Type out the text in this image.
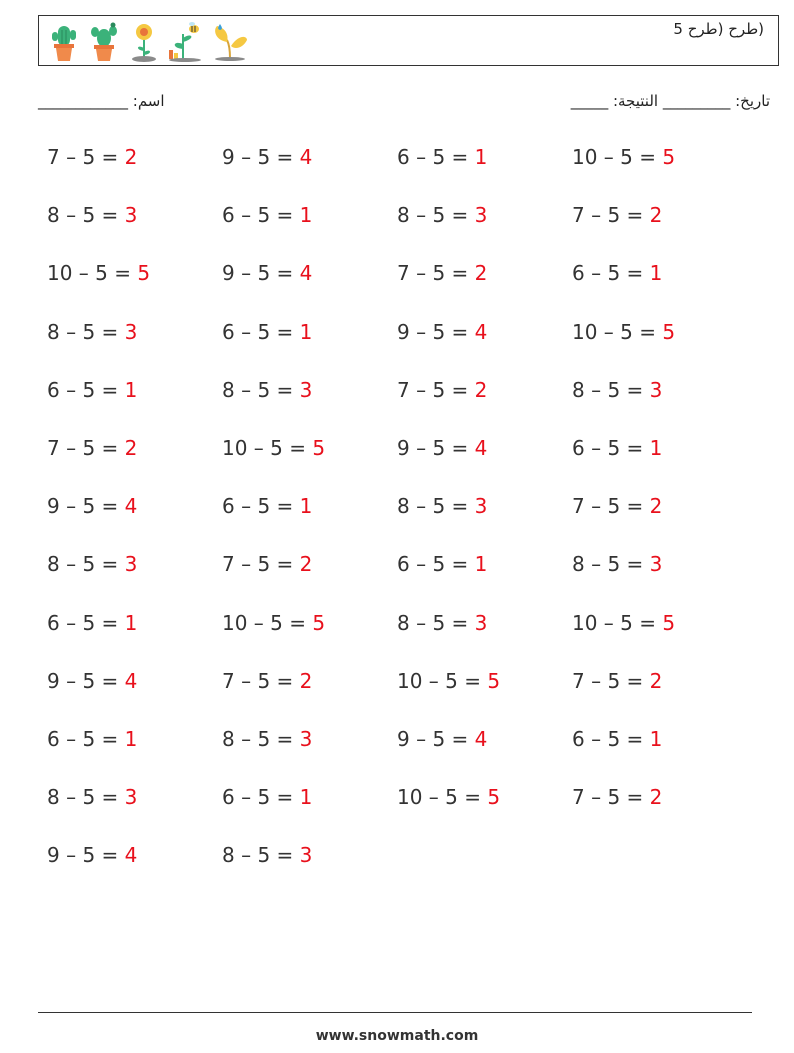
(طرح (طرح 5
____________ :اسم	_____ :تاريخ: _________ النتيجة
7 – 5 = 2	9 – 5 = 4	6 – 5 = 1	10 – 5 = 5
8 – 5 = 3	6 – 5 = 1	8 – 5 = 3	7 – 5 = 2
10 – 5 = 5	9 – 5 = 4	7 – 5 = 2	6 – 5 = 1
8 – 5 = 3	6 – 5 = 1	9 – 5 = 4	10 – 5 = 5
6 – 5 = 1	8 – 5 = 3	7 – 5 = 2	8 – 5 = 3
7 – 5 = 2	10 – 5 = 5	9 – 5 = 4	6 – 5 = 1
9 – 5 = 4	6 – 5 = 1	8 – 5 = 3	7 – 5 = 2
8 – 5 = 3	7 – 5 = 2	6 – 5 = 1	8 – 5 = 3
6 – 5 = 1	10 – 5 = 5	8 – 5 = 3	10 – 5 = 5
9 – 5 = 4	7 – 5 = 2	10 – 5 = 5	7 – 5 = 2
6 – 5 = 1	8 – 5 = 3	9 – 5 = 4	6 – 5 = 1
8 – 5 = 3	6 – 5 = 1	10 – 5 = 5	7 – 5 = 2
9 – 5 = 4	8 – 5 = 3
www.snowmath.com
